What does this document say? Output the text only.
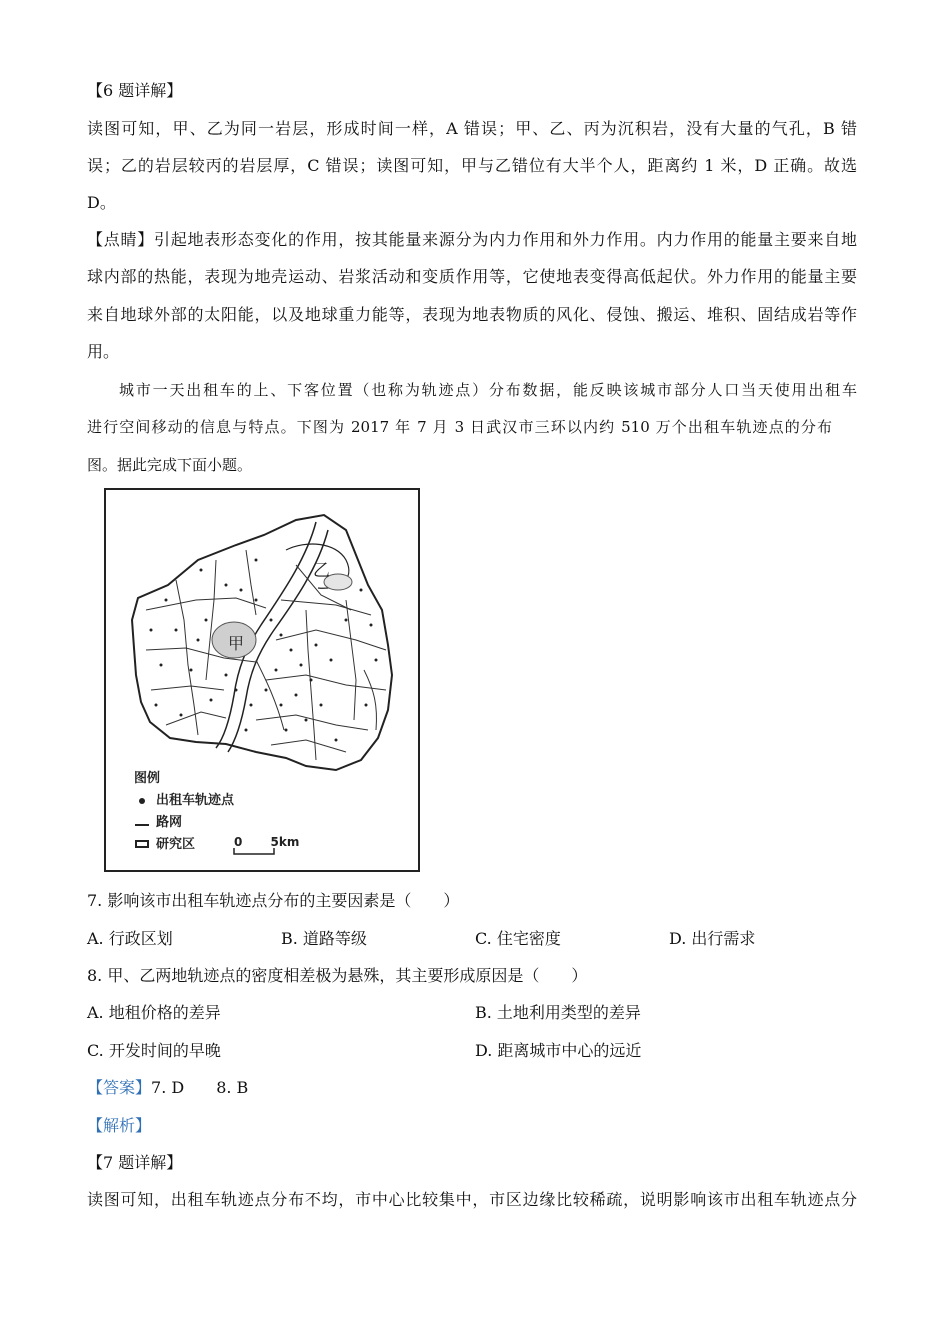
【6 题详解】
读图可知，甲、乙为同一岩层，形成时间一样，A 错误；甲、乙、丙为沉积岩，没有大量的气孔，B 错
误；乙的岩层较丙的岩层厚，C 错误；读图可知，甲与乙错位有大半个人，距离约 1 米，D 正确。故选
D。
【点睛】引起地表形态变化的作用，按其能量来源分为内力作用和外力作用。内力作用的能量主要来自地
球内部的热能，表现为地壳运动、岩浆活动和变质作用等，它使地表变得高低起伏。外力作用的能量主要
来自地球外部的太阳能，以及地球重力能等，表现为地表物质的风化、侵蚀、搬运、堆积、固结成岩等作
用。
城市一天出租车的上、下客位置（也称为轨迹点）分布数据，能反映该城市部分人口当天使用出租车
进行空间移动的信息与特点。下图为 2017 年 7 月 3 日武汉市三环以内约 510 万个出租车轨迹点的分布
图。据此完成下面小题。
甲
乙
图例
出租车轨迹点
路网
研究区	0 5km
7. 影响该市出租车轨迹点分布的主要因素是（　　）
A. 行政区划	B. 道路等级	C. 住宅密度	D. 出行需求
8. 甲、乙两地轨迹点的密度相差极为悬殊，其主要形成原因是（　　）
A. 地租价格的差异	B. 土地利用类型的差异
C. 开发时间的早晚	D. 距离城市中心的远近
【答案】7. D　　8. B
【解析】
【7 题详解】
读图可知，出租车轨迹点分布不均，市中心比较集中，市区边缘比较稀疏，说明影响该市出租车轨迹点分
